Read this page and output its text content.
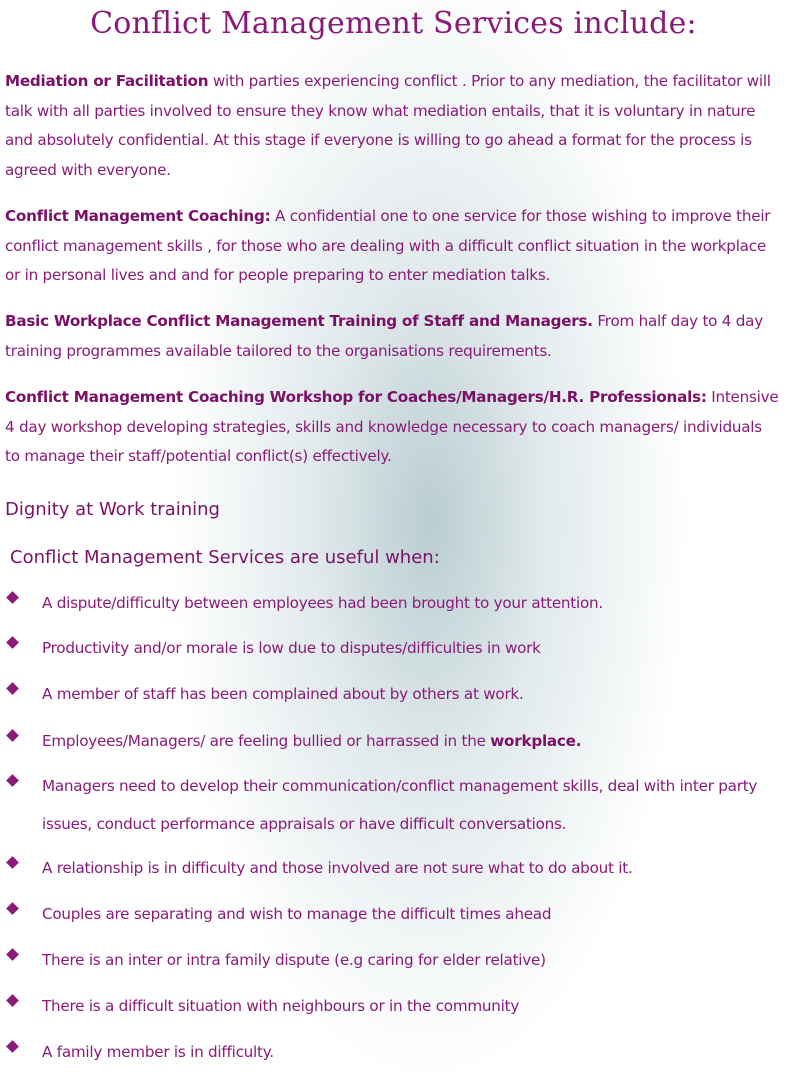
Conflict Management Services include:
Mediation or Facilitation with parties experiencing conflict . Prior to any mediation, the facilitator will talk with all parties involved to ensure they know what mediation entails, that it is voluntary in nature and absolutely confidential. At this stage if everyone is willing to go ahead a format for the process is agreed with everyone.
Conflict Management Coaching: A confidential one to one service for those wishing to improve their conflict management skills , for those who are dealing with a difficult conflict situation in the workplace or in personal lives and and for people preparing to enter mediation talks.
Basic Workplace Conflict Management Training of Staff and Managers. From half day to 4 day training programmes available tailored to the organisations requirements.
Conflict Management Coaching Workshop for Coaches/Managers/H.R. Professionals: Intensive 4 day workshop developing strategies, skills and knowledge necessary to coach managers/ individuals to manage their staff/potential conflict(s) effectively.
Dignity at Work training
Conflict Management Services are useful when:
A dispute/difficulty between employees had been brought to your attention.
Productivity and/or morale is low due to disputes/difficulties in work
A member of staff has been complained about by others at work.
Employees/Managers/ are feeling bullied or harrassed in the workplace.
Managers need to develop their communication/conflict management skills, deal with inter party issues, conduct performance appraisals or have difficult conversations.
A relationship is in difficulty and those involved are not sure what to do about it.
Couples are separating and wish to manage the difficult times ahead
There is an inter or intra family dispute (e.g caring for elder relative)
There is a difficult situation with neighbours or in the community
A family member is in difficulty.
